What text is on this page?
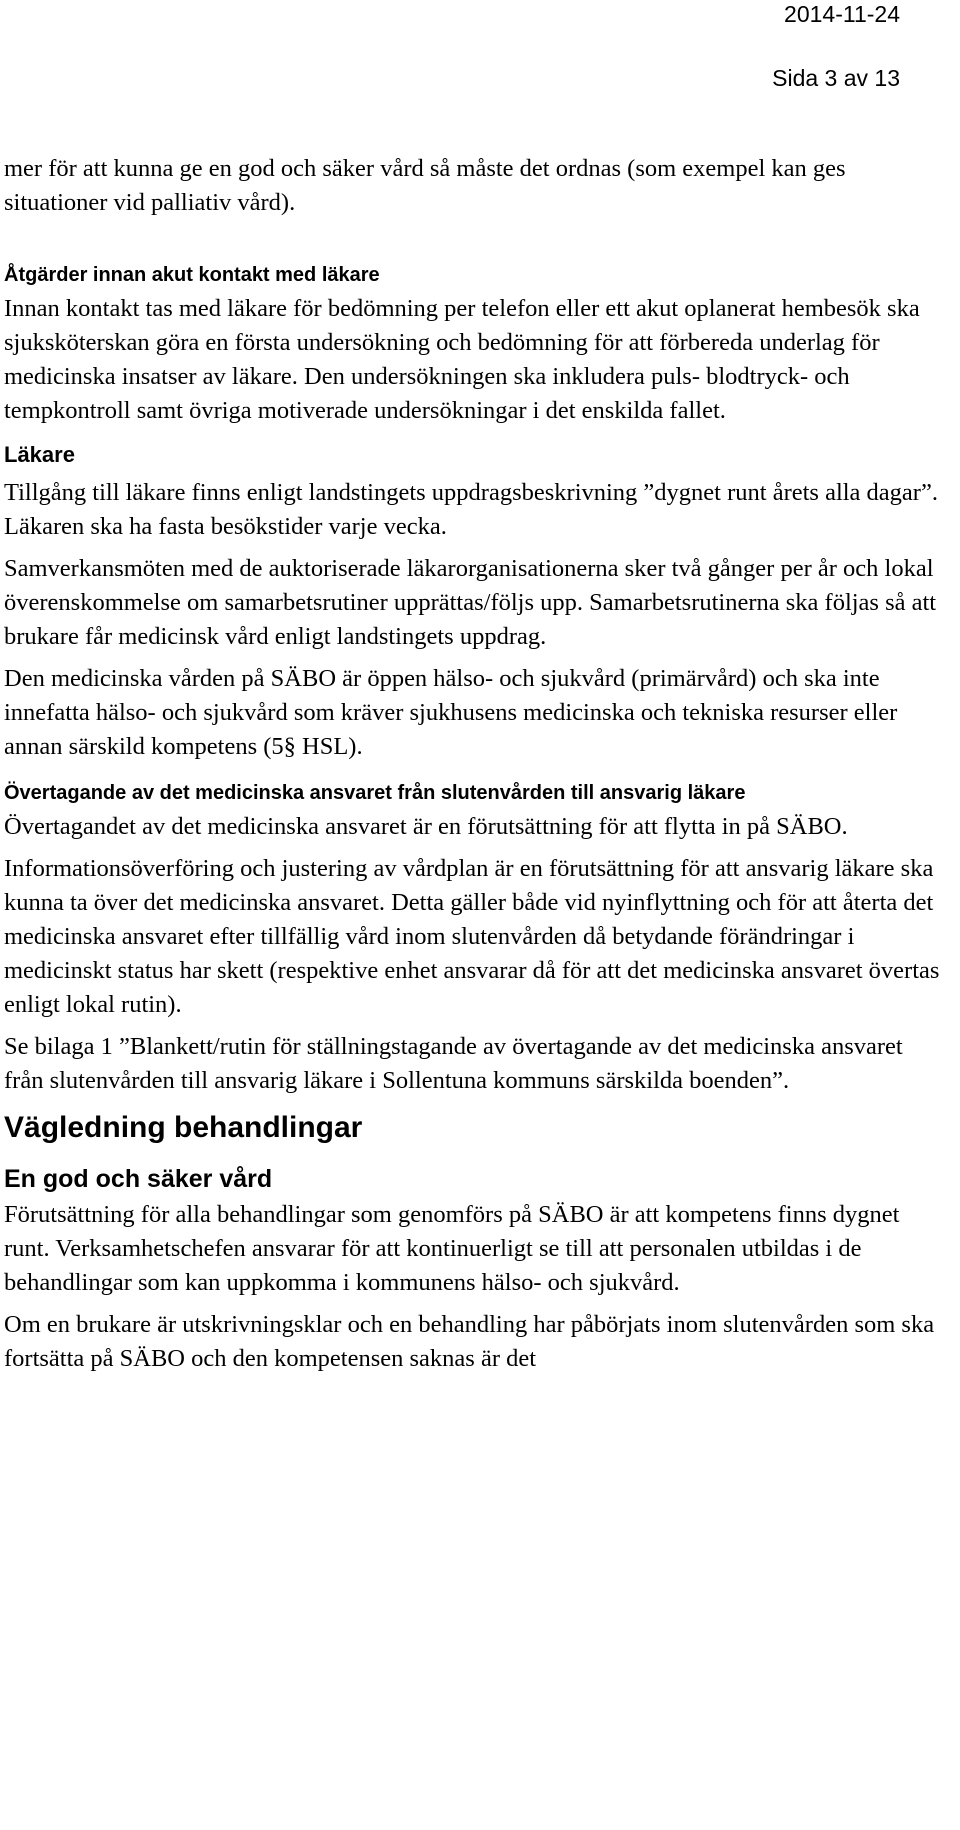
2014-11-24
Sida 3 av 13

mer för att kunna ge en god och säker vård så måste det ordnas (som exempel kan ges situationer vid palliativ vård).

Åtgärder innan akut kontakt med läkare

Innan kontakt tas med läkare för bedömning per telefon eller ett akut oplanerat hembesök ska sjuksköterskan göra en första undersökning och bedömning för att förbereda underlag för medicinska insatser av läkare. Den undersökningen ska inkludera puls- blodtryck- och tempkontroll samt övriga motiverade undersökningar i det enskilda fallet.

Läkare

Tillgång till läkare finns enligt landstingets uppdragsbeskrivning ”dygnet runt årets alla dagar”. Läkaren ska ha fasta besökstider varje vecka.

Samverkansmöten med de auktoriserade läkarorganisationerna sker två gånger per år och lokal överenskommelse om samarbetsrutiner upprättas/följs upp. Samarbetsrutinerna ska följas så att brukare får medicinsk vård enligt landstingets uppdrag.

Den medicinska vården på SÄBO är öppen hälso- och sjukvård (primärvård) och ska inte innefatta hälso- och sjukvård som kräver sjukhusens medicinska och tekniska resurser eller annan särskild kompetens (5§ HSL).

Övertagande av det medicinska ansvaret från slutenvården till ansvarig läkare

Övertagandet av det medicinska ansvaret är en förutsättning för att flytta in på SÄBO.

Informationsöverföring och justering av vårdplan är en förutsättning för att ansvarig läkare ska kunna ta över det medicinska ansvaret. Detta gäller både vid nyinflyttning och för att återta det medicinska ansvaret efter tillfällig vård inom slutenvården då betydande förändringar i medicinskt status har skett (respektive enhet ansvarar då för att det medicinska ansvaret övertas enligt lokal rutin).

Se bilaga 1 ”Blankett/rutin för ställningstagande av övertagande av det medicinska ansvaret från slutenvården till ansvarig läkare i Sollentuna kommuns särskilda boenden”.

Vägledning behandlingar

En god och säker vård

Förutsättning för alla behandlingar som genomförs på SÄBO är att kompetens finns dygnet runt. Verksamhetschefen ansvarar för att kontinuerligt se till att personalen utbildas i de behandlingar som kan uppkomma i kommunens hälso- och sjukvård.

Om en brukare är utskrivningsklar och en behandling har påbörjats inom slutenvården som ska fortsätta på SÄBO och den kompetensen saknas är det
